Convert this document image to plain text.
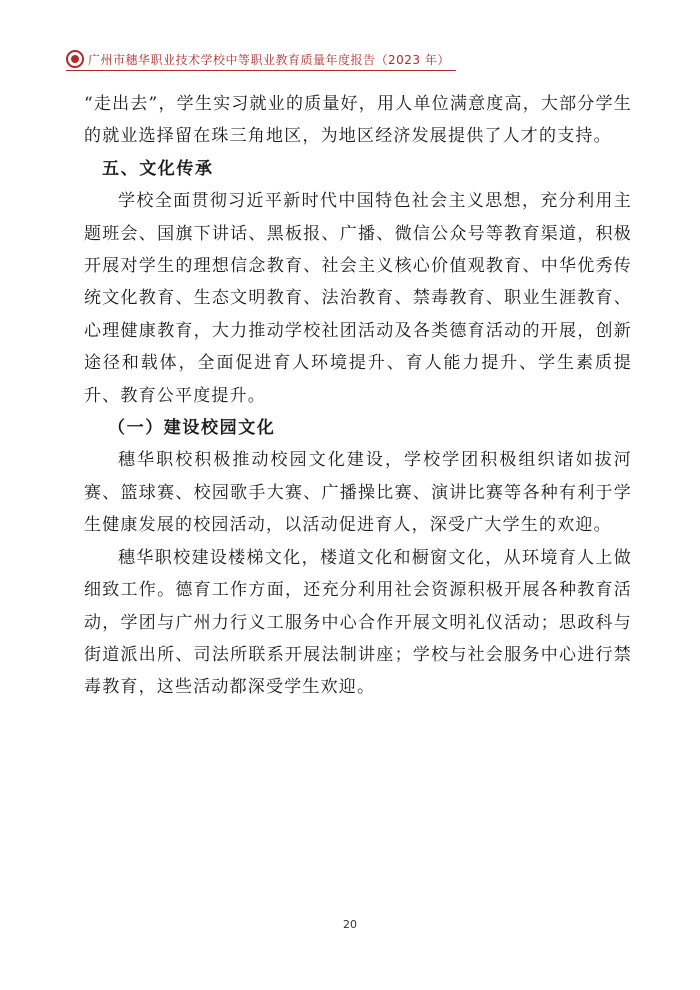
广州市穗华职业技术学校中等职业教育质量年度报告（2023 年）

“走出去”，学生实习就业的质量好，用人单位满意度高，大部分学生的就业选择留在珠三角地区，为地区经济发展提供了人才的支持。

五、文化传承

学校全面贯彻习近平新时代中国特色社会主义思想，充分利用主题班会、国旗下讲话、黑板报、广播、微信公众号等教育渠道，积极开展对学生的理想信念教育、社会主义核心价值观教育、中华优秀传统文化教育、生态文明教育、法治教育、禁毒教育、职业生涯教育、心理健康教育，大力推动学校社团活动及各类德育活动的开展，创新途径和载体，全面促进育人环境提升、育人能力提升、学生素质提升、教育公平度提升。

（一）建设校园文化

穗华职校积极推动校园文化建设，学校学团积极组织诸如拔河赛、篮球赛、校园歌手大赛、广播操比赛、演讲比赛等各种有利于学生健康发展的校园活动，以活动促进育人，深受广大学生的欢迎。

穗华职校建设楼梯文化，楼道文化和橱窗文化，从环境育人上做细致工作。德育工作方面，还充分利用社会资源积极开展各种教育活动，学团与广州力行义工服务中心合作开展文明礼仪活动；思政科与街道派出所、司法所联系开展法制讲座；学校与社会服务中心进行禁毒教育，这些活动都深受学生欢迎。

20
